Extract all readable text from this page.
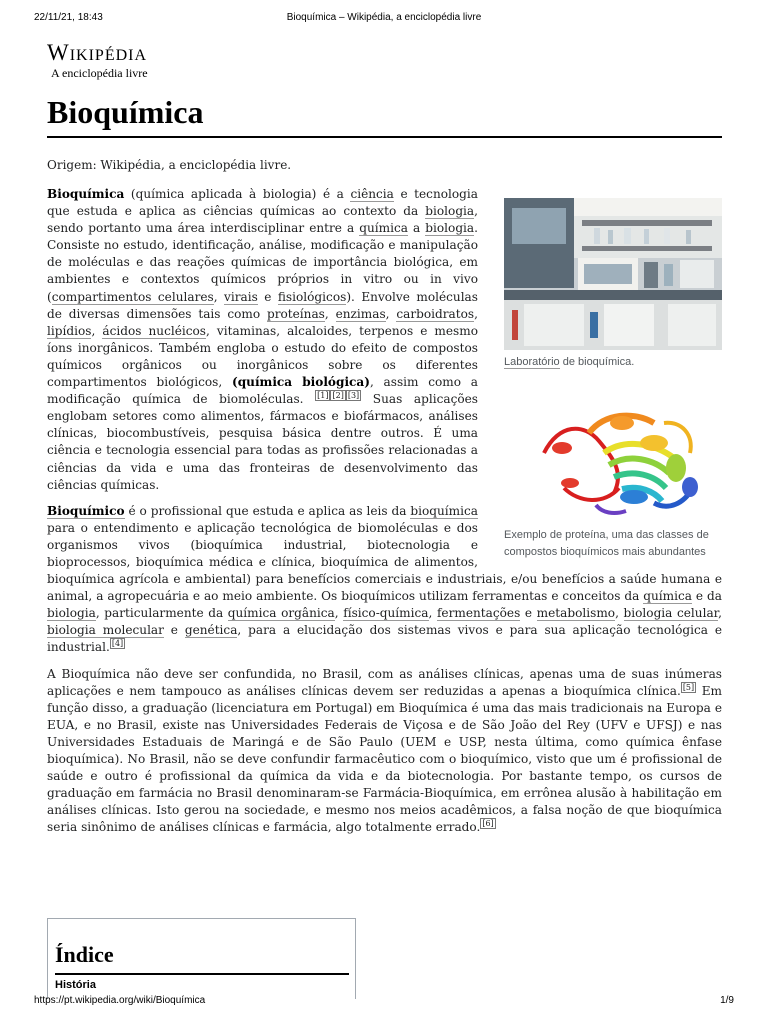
22/11/21, 18:43	Bioquímica – Wikipédia, a enciclopédia livre
Wikipédia
A enciclopédia livre
Bioquímica

Origem: Wikipédia, a enciclopédia livre.

Laboratório de bioquímica.
Exemplo de proteína, uma das classes de compostos bioquímicos mais abundantes

Bioquímica (química aplicada à biologia) é a ciência e tecnologia que estuda e aplica as ciências químicas ao contexto da biologia, sendo portanto uma área interdisciplinar entre a química a biologia. Consiste no estudo, identificação, análise, modificação e manipulação de moléculas e das reações químicas de importância biológica, em ambientes e contextos químicos próprios in vitro ou in vivo (compartimentos celulares, virais e fisiológicos). Envolve moléculas de diversas dimensões tais como proteínas, enzimas, carboidratos, lipídios, ácidos nucléicos, vitaminas, alcaloides, terpenos e mesmo íons inorgânicos. Também engloba o estudo do efeito de compostos químicos orgânicos ou inorgânicos sobre os diferentes compartimentos biológicos, (química biológica), assim como a modificação química de biomoléculas. [1] [2] [3] Suas aplicações englobam setores como alimentos, fármacos e biofármacos, análises clínicas, biocombustíveis, pesquisa básica dentre outros. É uma ciência e tecnologia essencial para todas as profissões relacionadas a ciências da vida e uma das fronteiras de desenvolvimento das ciências químicas.

Bioquímico é o profissional que estuda e aplica as leis da bioquímica para o entendimento e aplicação tecnológica de biomoléculas e dos organismos vivos (bioquímica industrial, biotecnologia e bioprocessos, bioquímica médica e clínica, bioquímica de alimentos, bioquímica agrícola e ambiental) para benefícios comerciais e industriais, e/ou benefícios a saúde humana e animal, a agropecuária e ao meio ambiente. Os bioquímicos utilizam ferramentas e conceitos da química e da biologia, particularmente da química orgânica, físico-química, fermentações e metabolismo, biologia celular, biologia molecular e genética, para a elucidação dos sistemas vivos e para sua aplicação tecnológica e industrial. [4]

A Bioquímica não deve ser confundida, no Brasil, com as análises clínicas, apenas uma de suas inúmeras aplicações e nem tampouco as análises clínicas devem ser reduzidas a apenas a bioquímica clínica. [5] Em função disso, a graduação (licenciatura em Portugal) em Bioquímica é uma das mais tradicionais na Europa e EUA, e no Brasil, existe nas Universidades Federais de Viçosa e de São João del Rey (UFV e UFSJ) e nas Universidades Estaduais de Maringá e de São Paulo (UEM e USP, nesta última, como química ênfase bioquímica). No Brasil, não se deve confundir farmacêutico com o bioquímico, visto que um é profissional de saúde e outro é profissional da química da vida e da biotecnologia. Por bastante tempo, os cursos de graduação em farmácia no Brasil denominaram-se Farmácia-Bioquímica, em errônea alusão à habilitação em análises clínicas. Isto gerou na sociedade, e mesmo nos meios acadêmicos, a falsa noção de que bioquímica seria sinônimo de análises clínicas e farmácia, algo totalmente errado. [6]

Índice
História
https://pt.wikipedia.org/wiki/Bioquímica	1/9
